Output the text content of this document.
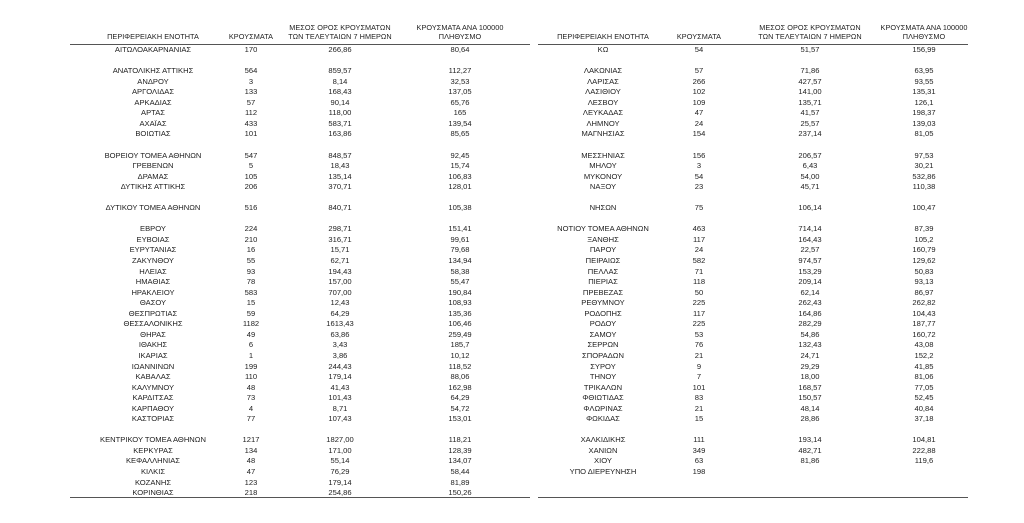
ΠΕΡΙΦΕΡΕΙΑΚΗ ΕΝΟΤΗΤΑ	ΚΡΟΥΣΜΑΤΑ
ΜΕΣΟΣ ΟΡΟΣ ΚΡΟΥΣΜΑΤΩΝ
ΤΩΝ ΤΕΛΕΥΤΑΙΩΝ 7 ΗΜΕΡΩΝ
ΚΡΟΥΣΜΑΤΑ ΑΝΑ 100000
ΠΛΗΘΥΣΜΟ
ΑΙΤΩΛΟΑΚΑΡΝΑΝΙΑΣ	170	266,86	80,64
ΑΝΑΤΟΛΙΚΗΣ ΑΤΤΙΚΗΣ	564	859,57	112,27
ΑΝΔΡΟΥ	3	8,14	32,53
ΑΡΓΟΛΙΔΑΣ	133	168,43	137,05
ΑΡΚΑΔΙΑΣ	57	90,14	65,76
ΑΡΤΑΣ	112	118,00	165
ΑΧΑΪΑΣ	433	583,71	139,54
ΒΟΙΩΤΙΑΣ	101	163,86	85,65
ΒΟΡΕΙΟΥ ΤΟΜΕΑ ΑΘΗΝΩΝ	547	848,57	92,45
ΓΡΕΒΕΝΩΝ	5	18,43	15,74
ΔΡΑΜΑΣ	105	135,14	106,83
ΔΥΤΙΚΗΣ ΑΤΤΙΚΗΣ	206	370,71	128,01
ΔΥΤΙΚΟΥ ΤΟΜΕΑ ΑΘΗΝΩΝ	516	840,71	105,38
ΕΒΡΟΥ	224	298,71	151,41
ΕΥΒΟΙΑΣ	210	316,71	99,61
ΕΥΡΥΤΑΝΙΑΣ	16	15,71	79,68
ΖΑΚΥΝΘΟΥ	55	62,71	134,94
ΗΛΕΙΑΣ	93	194,43	58,38
ΗΜΑΘΙΑΣ	78	157,00	55,47
ΗΡΑΚΛΕΙΟΥ	583	707,00	190,84
ΘΑΣΟΥ	15	12,43	108,93
ΘΕΣΠΡΩΤΙΑΣ	59	64,29	135,36
ΘΕΣΣΑΛΟΝΙΚΗΣ	1182	1613,43	106,46
ΘΗΡΑΣ	49	63,86	259,49
ΙΘΑΚΗΣ	6	3,43	185,7
ΙΚΑΡΙΑΣ	1	3,86	10,12
ΙΩΑΝΝΙΝΩΝ	199	244,43	118,52
ΚΑΒΑΛΑΣ	110	179,14	88,06
ΚΑΛΥΜΝΟΥ	48	41,43	162,98
ΚΑΡΔΙΤΣΑΣ	73	101,43	64,29
ΚΑΡΠΑΘΟΥ	4	8,71	54,72
ΚΑΣΤΟΡΙΑΣ	77	107,43	153,01
ΚΕΝΤΡΙΚΟΥ ΤΟΜΕΑ ΑΘΗΝΩΝ	1217	1827,00	118,21
ΚΕΡΚΥΡΑΣ	134	171,00	128,39
ΚΕΦΑΛΛΗΝΙΑΣ	48	55,14	134,07
ΚΙΛΚΙΣ	47	76,29	58,44
ΚΟΖΑΝΗΣ	123	179,14	81,89
ΚΟΡΙΝΘΙΑΣ	218	254,86	150,26
ΠΕΡΙΦΕΡΕΙΑΚΗ ΕΝΟΤΗΤΑ	ΚΡΟΥΣΜΑΤΑ
ΜΕΣΟΣ ΟΡΟΣ ΚΡΟΥΣΜΑΤΩΝ
ΤΩΝ ΤΕΛΕΥΤΑΙΩΝ 7 ΗΜΕΡΩΝ
ΚΡΟΥΣΜΑΤΑ ΑΝΑ 100000
ΠΛΗΘΥΣΜΟ
ΚΩ	54	51,57	156,99
ΛΑΚΩΝΙΑΣ	57	71,86	63,95
ΛΑΡΙΣΑΣ	266	427,57	93,55
ΛΑΣΙΘΙΟΥ	102	141,00	135,31
ΛΕΣΒΟΥ	109	135,71	126,1
ΛΕΥΚΑΔΑΣ	47	41,57	198,37
ΛΗΜΝΟΥ	24	25,57	139,03
ΜΑΓΝΗΣΙΑΣ	154	237,14	81,05
ΜΕΣΣΗΝΙΑΣ	156	206,57	97,53
ΜΗΛΟΥ	3	6,43	30,21
ΜΥΚΟΝΟΥ	54	54,00	532,86
ΝΑΞΟΥ	23	45,71	110,38
ΝΗΣΩΝ	75	106,14	100,47
ΝΟΤΙΟΥ ΤΟΜΕΑ ΑΘΗΝΩΝ	463	714,14	87,39
ΞΑΝΘΗΣ	117	164,43	105,2
ΠΑΡΟΥ	24	22,57	160,79
ΠΕΙΡΑΙΩΣ	582	974,57	129,62
ΠΕΛΛΑΣ	71	153,29	50,83
ΠΙΕΡΙΑΣ	118	209,14	93,13
ΠΡΕΒΕΖΑΣ	50	62,14	86,97
ΡΕΘΥΜΝΟΥ	225	262,43	262,82
ΡΟΔΟΠΗΣ	117	164,86	104,43
ΡΟΔΟΥ	225	282,29	187,77
ΣΑΜΟΥ	53	54,86	160,72
ΣΕΡΡΩΝ	76	132,43	43,08
ΣΠΟΡΑΔΩΝ	21	24,71	152,2
ΣΥΡΟΥ	9	29,29	41,85
ΤΗΝΟΥ	7	18,00	81,06
ΤΡΙΚΑΛΩΝ	101	168,57	77,05
ΦΘΙΩΤΙΔΑΣ	83	150,57	52,45
ΦΛΩΡΙΝΑΣ	21	48,14	40,84
ΦΩΚΙΔΑΣ	15	28,86	37,18
ΧΑΛΚΙΔΙΚΗΣ	111	193,14	104,81
ΧΑΝΙΩΝ	349	482,71	222,88
ΧΙΟΥ	63	81,86	119,6
ΥΠΟ ΔΙΕΡΕΥΝΗΣΗ	198
